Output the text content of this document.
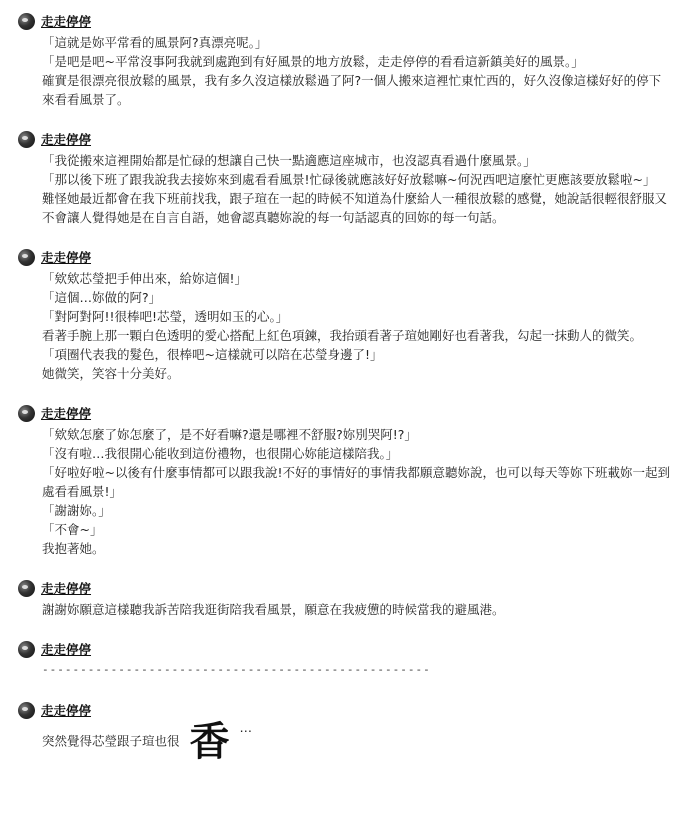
走走停停
「這就是妳平常看的風景阿?真漂亮呢。」
「是吧是吧~平常沒事阿我就到處跑到有好風景的地方放鬆，走走停停的看看這新鎮美好的風景。」
確實是很漂亮很放鬆的風景，我有多久沒這樣放鬆過了阿?一個人搬來這裡忙東忙西的，好久沒像這樣好好的停下來看看風景了。
走走停停
「我從搬來這裡開始都是忙碌的想讓自己快一點適應這座城市，也沒認真看過什麼風景。」
「那以後下班了跟我說我去接妳來到處看看風景!忙碌後就應該好好放鬆嘛~何況西吧這麼忙更應該要放鬆啦~」
難怪她最近都會在我下班前找我，跟子瑄在一起的時候不知道為什麼給人一種很放鬆的感覺，她說話很輕很舒服又不會讓人覺得她是在自言自語，她會認真聽妳說的每一句話認真的回妳的每一句話。
走走停停
「欸欸芯瑩把手伸出來，給妳這個!」
「這個…妳做的阿?」
「對阿對阿!!很棒吧!芯瑩，透明如玉的心。」
看著手腕上那一顆白色透明的愛心搭配上紅色項鍊，我抬頭看著子瑄她剛好也看著我，勾起一抹動人的微笑。
「項圈代表我的髮色，很棒吧~這樣就可以陪在芯瑩身邊了!」
她微笑，笑容十分美好。
走走停停
「欸欸怎麼了妳怎麼了，是不好看嘛?還是哪裡不舒服?妳別哭阿!?」
「沒有啦…我很開心能收到這份禮物，也很開心妳能這樣陪我。」
「好啦好啦~以後有什麼事情都可以跟我說!不好的事情好的事情我都願意聽妳說，也可以每天等妳下班載妳一起到處看看風景!」
「謝謝妳。」
「不會~」
我抱著她。
走走停停
謝謝妳願意這樣聽我訴苦陪我逛街陪我看風景，願意在我疲憊的時候當我的避風港。
走走停停
---------------------------------------------------
走走停停
突然覺得芯瑩跟子瑄也很 香 …
